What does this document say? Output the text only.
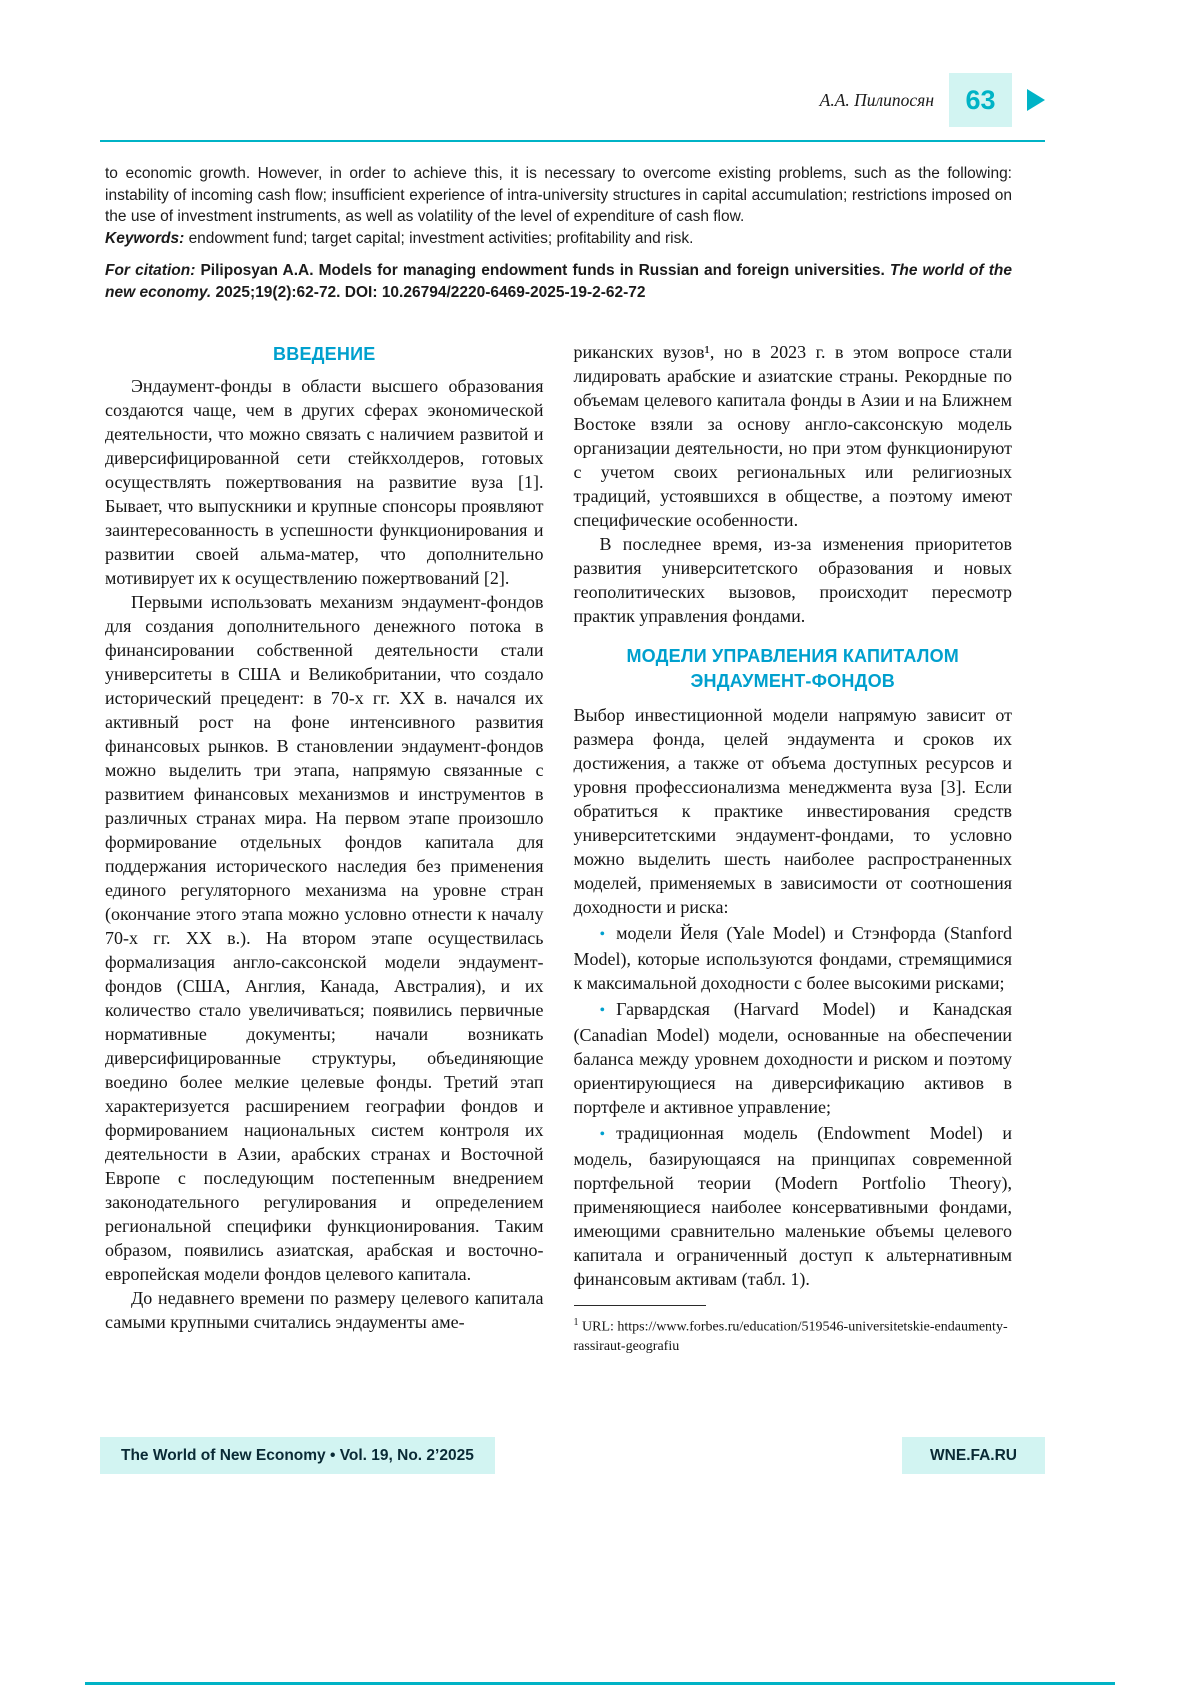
А.А. Пилипосян 63

to economic growth. However, in order to achieve this, it is necessary to overcome existing problems, such as the following: instability of incoming cash flow; insufficient experience of intra-university structures in capital accumulation; restrictions imposed on the use of investment instruments, as well as volatility of the level of expenditure of cash flow.

Keywords: endowment fund; target capital; investment activities; profitability and risk.

For citation: Piliposyan A.A. Models for managing endowment funds in Russian and foreign universities. The world of the new economy. 2025;19(2):62-72. DOI: 10.26794/2220-6469-2025-19-2-62-72

ВВЕДЕНИЕ

Эндаумент-фонды в области высшего образования создаются чаще, чем в других сферах экономической деятельности, что можно связать с наличием развитой и диверсифицированной сети стейкхолдеров, готовых осуществлять пожертвования на развитие вуза [1]. Бывает, что выпускники и крупные спонсоры проявляют заинтересованность в успешности функционирования и развитии своей альма-матер, что дополнительно мотивирует их к осуществлению пожертвований [2].

Первыми использовать механизм эндаумент-фондов для создания дополнительного денежного потока в финансировании собственной деятельности стали университеты в США и Великобритании, что создало исторический прецедент: в 70-х гг. XX в. начался их активный рост на фоне интенсивного развития финансовых рынков. В становлении эндаумент-фондов можно выделить три этапа, напрямую связанные с развитием финансовых механизмов и инструментов в различных странах мира. На первом этапе произошло формирование отдельных фондов капитала для поддержания исторического наследия без применения единого регуляторного механизма на уровне стран (окончание этого этапа можно условно отнести к началу 70-х гг. XX в.). На втором этапе осуществилась формализация англо-саксонской модели эндаумент-фондов (США, Англия, Канада, Австралия), и их количество стало увеличиваться; появились первичные нормативные документы; начали возникать диверсифицированные структуры, объединяющие воедино более мелкие целевые фонды. Третий этап характеризуется расширением географии фондов и формированием национальных систем контроля их деятельности в Азии, арабских странах и Восточной Европе с последующим постепенным внедрением законодательного регулирования и определением региональной специфики функционирования. Таким образом, появились азиатская, арабская и восточно-европейская модели фондов целевого капитала.

До недавнего времени по размеру целевого капитала самыми крупными считались эндаументы аме-

риканских вузов¹, но в 2023 г. в этом вопросе стали лидировать арабские и азиатские страны. Рекордные по объемам целевого капитала фонды в Азии и на Ближнем Востоке взяли за основу англо-саксонскую модель организации деятельности, но при этом функционируют с учетом своих региональных или религиозных традиций, устоявшихся в обществе, а поэтому имеют специфические особенности.

В последнее время, из-за изменения приоритетов развития университетского образования и новых геополитических вызовов, происходит пересмотр практик управления фондами.

МОДЕЛИ УПРАВЛЕНИЯ КАПИТАЛОМ ЭНДАУМЕНТ-ФОНДОВ

Выбор инвестиционной модели напрямую зависит от размера фонда, целей эндаумента и сроков их достижения, а также от объема доступных ресурсов и уровня профессионализма менеджмента вуза [3]. Если обратиться к практике инвестирования средств университетскими эндаумент-фондами, то условно можно выделить шесть наиболее распространенных моделей, применяемых в зависимости от соотношения доходности и риска:

• модели Йеля (Yale Model) и Стэнфорда (Stanford Model), которые используются фондами, стремящимися к максимальной доходности с более высокими рисками;

• Гарвардская (Harvard Model) и Канадская (Canadian Model) модели, основанные на обеспечении баланса между уровнем доходности и риском и поэтому ориентирующиеся на диверсификацию активов в портфеле и активное управление;

• традиционная модель (Endowment Model) и модель, базирующаяся на принципах современной портфельной теории (Modern Portfolio Theory), применяющиеся наиболее консервативными фондами, имеющими сравнительно маленькие объемы целевого капитала и ограниченный доступ к альтернативным финансовым активам (табл. 1).

$^1$ URL: https://www.forbes.ru/education/519546-universitetskie-endaumenty-rassiraut-geografiu

The World of New Economy • Vol. 19, No. 2’2025	WNE.FA.RU
